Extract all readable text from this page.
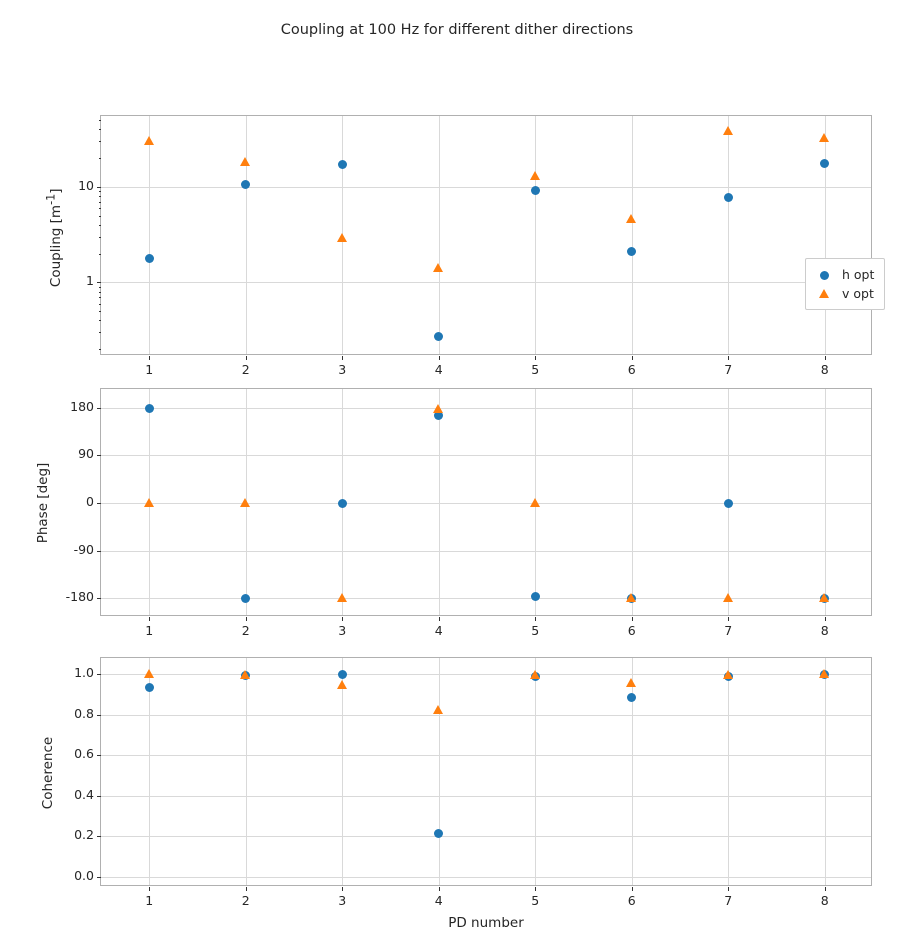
Coupling at 100 Hz for different dither directions
1	2	3	4	5	6	7	8
1
10
Coupling $[m^{-1}]$
h opt
v opt
1	2	3	4	5	6	7	8
-180
-90
0
90
180
Phase [deg]
1	2	3	4	5	6	7	8
0.0
0.2
0.4
0.6
0.8
1.0
Coherence
PD number
